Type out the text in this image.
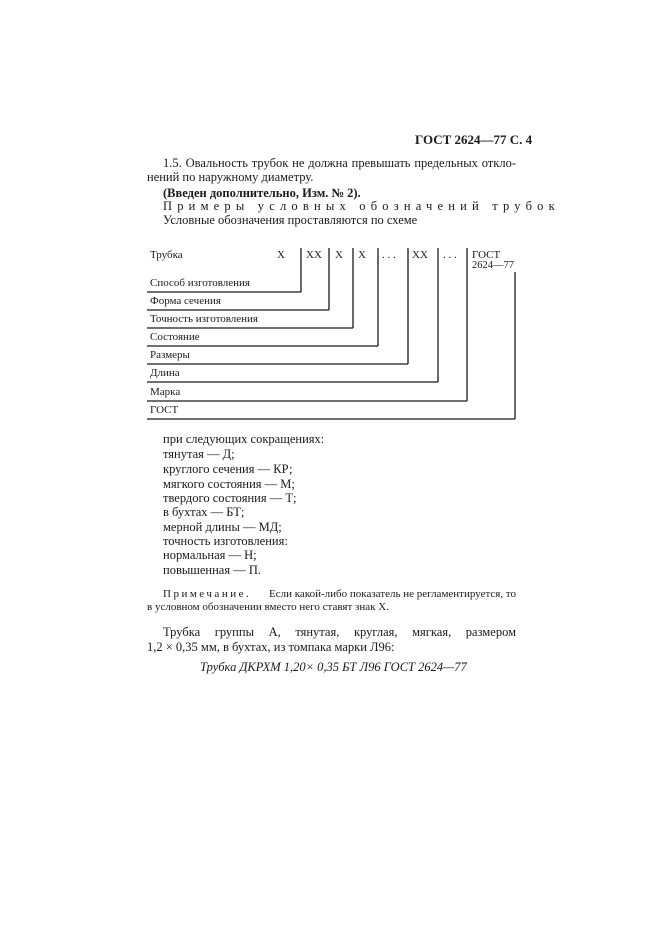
ГОСТ 2624—77 С. 4
1.5. Овальность трубок не должна превышать предельных откло-
нений по наружному диаметру.
(Введен дополнительно, Изм. № 2).
Примеры условных обозначений трубок
Условные обозначения проставляются по схеме
Трубка	X XX X X . . . XX . . . ГОСТ
2624—77
Способ изготовления
Форма сечения
Точность изготовления
Состояние
Размеры
Длина
Марка
ГОСТ
при следующих сокращениях:
тянутая — Д;
круглого сечения — КР;
мягкого состояния — М;
твердого состояния — Т;
в бухтах — БТ;
мерной длины — МД;
точность изготовления:
нормальная — Н;
повышенная — П.
Примечание. Если какой-либо показатель не регламентируется, то
в условном обозначении вместо него ставят знак X.
Трубка группы А, тянутая, круглая, мягкая, размером
1,2 × 0,35 мм, в бухтах, из томпака марки Л96:
Трубка ДКРХМ 1,20× 0,35 БТ Л96 ГОСТ 2624—77
